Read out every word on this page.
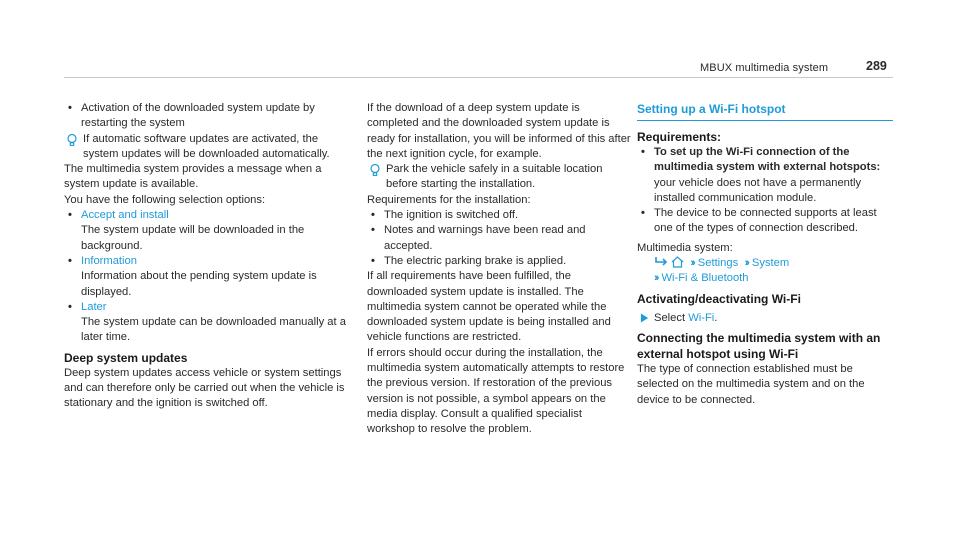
MBUX multimedia system	289
• Activation of the downloaded system update by restarting the system
If automatic software updates are activated, the system updates will be downloaded automatically.

The multimedia system provides a message when a system update is available.

You have the following selection options:

• Accept and install
The system update will be downloaded in the background.
• Information
Information about the pending system update is displayed.
• Later
The system update can be downloaded manually at a later time.
Deep system updates

Deep system updates access vehicle or system settings and can therefore only be carried out when the vehicle is stationary and the ignition is switched off.

If the download of a deep system update is completed and the downloaded system update is ready for installation, you will be informed of this after the next ignition cycle, for example.

Park the vehicle safely in a suitable location before starting the installation.

Requirements for the installation:

• The ignition is switched off.
• Notes and warnings have been read and accepted.
• The electric parking brake is applied.

If all requirements have been fulfilled, the downloaded system update is installed. The multimedia system cannot be operated while the downloaded system update is being installed and vehicle functions are restricted.

If errors should occur during the installation, the multimedia system automatically attempts to restore the previous version. If restoration of the previous version is not possible, a symbol appears on the media display. Consult a qualified specialist workshop to resolve the problem.

Setting up a Wi-Fi hotspot
Requirements:
• To set up the Wi-Fi connection of the multimedia system with external hotspots: your vehicle does not have a permanently installed communication module.
• The device to be connected supports at least one of the types of connection described.

Multimedia system:

›› Settings ›› System
›› Wi-Fi & Bluetooth
Activating/deactivating Wi-Fi
Select Wi-Fi.
Connecting the multimedia system with an external hotspot using Wi-Fi

The type of connection established must be selected on the multimedia system and on the device to be connected.
